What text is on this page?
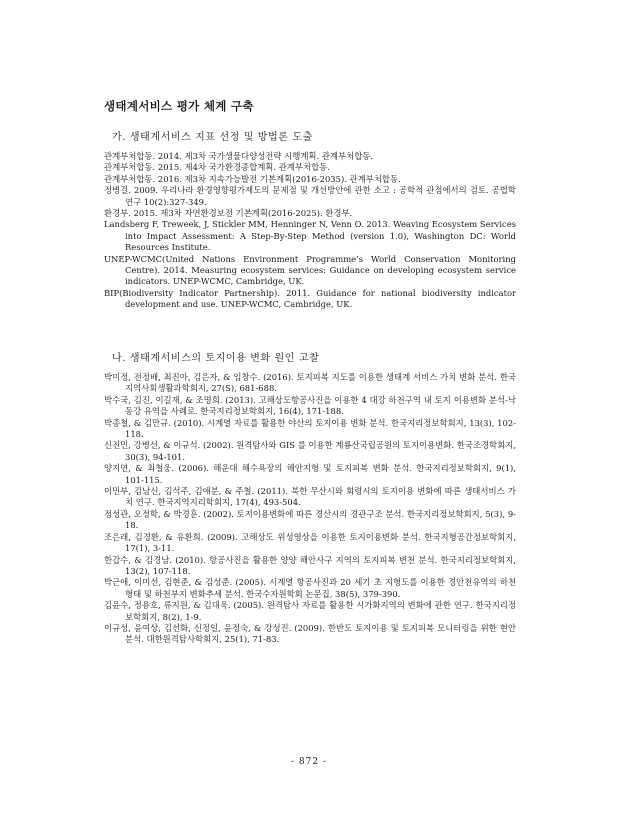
생태계서비스 평가 체계 구축
가. 생태계서비스 지표 선정 및 방법론 도출

관계부처합동. 2014. 제3차 국가생물다양성전략 시행계획. 관계부처합동.

관계부처합동. 2015. 제4차 국가환경종합계획. 관계부처합동.

관계부처합동. 2016. 제3차 지속가능발전 기본계획(2016-2035). 관계부처합동.

정병걸. 2009. 우리나라 환경영향평가제도의 문제점 및 개선방안에 관한 소고 : 공학적 관점에서의 검토. 공법학연구 10(2):327-349.

환경부. 2015. 제3차 자연환경보전 기본계획(2016-2025). 환경부.

Landsberg F, Treweek, J, Stickler MM, Henninger N, Venn O. 2013. Weaving Ecosystem Services into Impact Assessment: A Step-By-Step Method (version 1.0), Washington DC: World Resources Institute.

UNEP-WCMC(United Nations Environment Programme’s World Conservation Monitoring Centre). 2014. Measuring ecosystem services: Guidance on developing ecosystem service indicators. UNEP-WCMC, Cambridge, UK.

BIP(Biodiversity Indicator Partnership). 2011. Guidance for national biodiversity indicator development and use. UNEP-WCMC, Cambridge, UK.

나. 생태계서비스의 토지이용 변화 원인 고찰

박미정, 전정배, 최진아, 김은자, & 임창수. (2016). 토지피복 지도를 이용한 생태계 서비스 가치 변화 분석. 한국지역사회생활과학회지, 27(S), 681-688.

박수국, 김진, 이길재, & 조명희. (2013). 고해상도항공사진을 이용한 4 대강 하천구역 내 토지 이용변화 분석-낙동강 유역을 사례로. 한국지리정보학회지, 16(4), 171-188.

박종철, & 김만규. (2010). 시계열 자료를 활용한 야산의 토지이용 변화 분석. 한국지리정보학회지, 13(3), 102-118.

신진민, 강병선, & 이규석. (2002). 원격탐사와 GIS 를 이용한 계룡산국립공원의 토지이용변화. 한국조경학회지, 30(3), 94-101.

양지연, & 최철웅. (2006). 해운대 해수욕장의 해안지형 및 토지피복 변화 분석. 한국지리정보학회지, 9(1), 101-115.

이민부, 김남신, 김석주, 김애분, & 주철. (2011). 북한 무산시와 회령시의 토지이용 변화에 따른 생태서비스 가치 연구. 한국지역지리학회지, 17(4), 493-504.

정성관, 오정학, & 박경훈. (2002). 토지이용변화에 따른 경산시의 경관구조 분석. 한국지리정보학회지, 5(3), 9-18.

조은래, 김경환, & 유환희. (2009). 고해상도 위성영상을 이용한 토지이용변화 분석. 한국지형공간정보학회지, 17(1), 3-11.

한갑수, & 김경남. (2010). 항공사진을 활용한 양양 해안사구 지역의 토지피복 변천 분석. 한국지리정보학회지, 13(2), 107-118.

박근애, 이미선, 김현준, & 김성준. (2005). 시계열 항공사진과 20 세기 초 지형도를 이용한 경안천유역의 하천형태 및 하천부지 변화추세 분석. 한국수자원학회 논문집, 38(5), 379-390.

김윤수, 정용호, 류지원, & 김대욱. (2005). 원격탐사 자료를 활용한 시가화지역의 변화에 관한 연구. 한국지리정보학회지, 8(2), 1-9.

이규성, 윤여상, 김선화, 신정일, 윤정숙, & 강성진. (2009). 한반도 토지이용 및 토지피복 모니터링을 위한 현안 분석. 대한원격탐사학회지, 25(1), 71-83.

- 872 -
